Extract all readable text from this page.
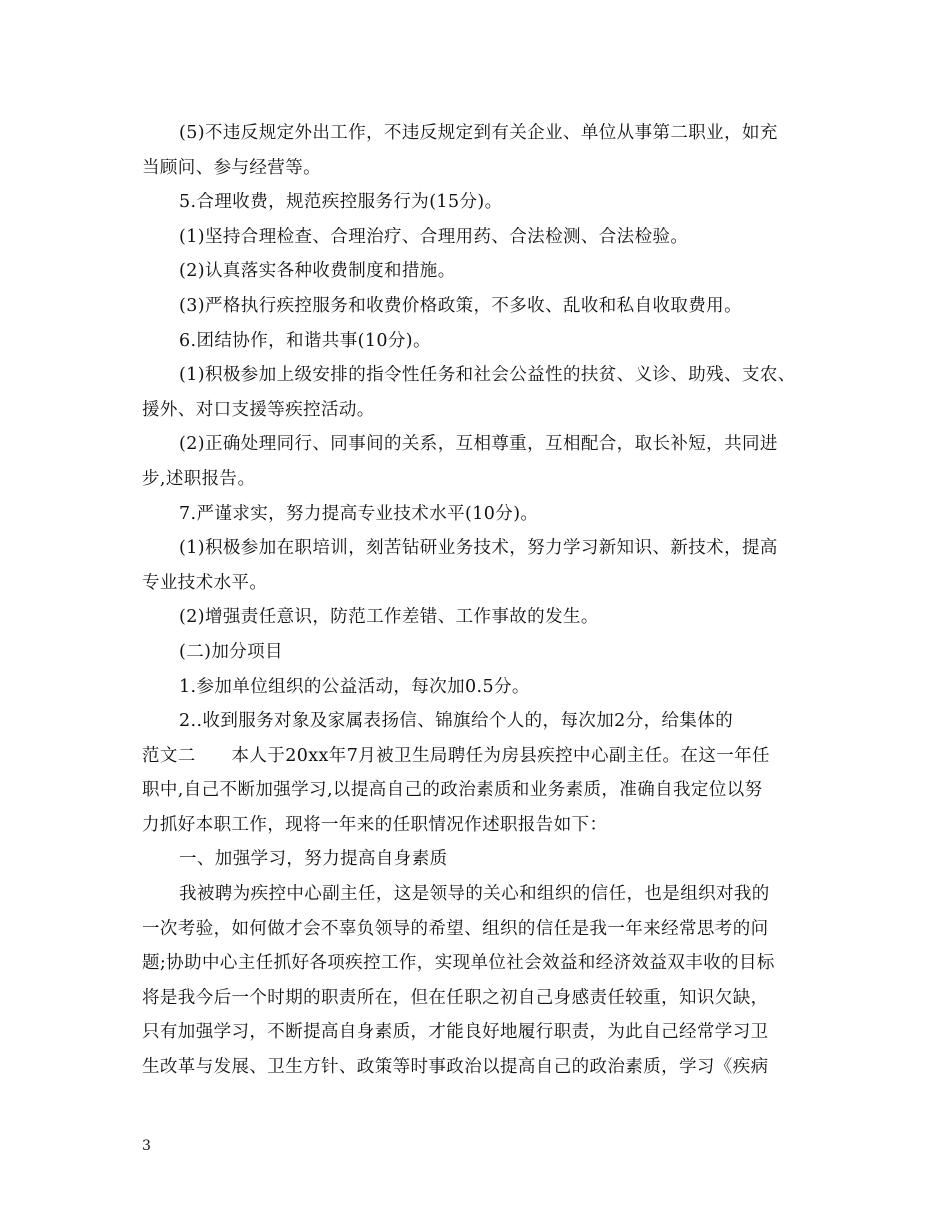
(5)不违反规定外出工作，不违反规定到有关企业、单位从事第二职业，如充
当顾问、参与经营等。
5.合理收费，规范疾控服务行为(15分)。
(1)坚持合理检查、合理治疗、合理用药、合法检测、合法检验。
(2)认真落实各种收费制度和措施。
(3)严格执行疾控服务和收费价格政策，不多收、乱收和私自收取费用。
6.团结协作，和谐共事(10分)。
(1)积极参加上级安排的指令性任务和社会公益性的扶贫、义诊、助残、支农、
援外、对口支援等疾控活动。
(2)正确处理同行、同事间的关系，互相尊重，互相配合，取长补短，共同进
步,述职报告。
7.严谨求实，努力提高专业技术水平(10分)。
(1)积极参加在职培训，刻苦钻研业务技术，努力学习新知识、新技术，提高
专业技术水平。
(2)增强责任意识，防范工作差错、工作事故的发生。
(二)加分项目
1.参加单位组织的公益活动，每次加0.5分。
2..收到服务对象及家属表扬信、锦旗给个人的，每次加2分，给集体的
范文二　　本人于20xx年7月被卫生局聘任为房县疾控中心副主任。在这一年任
职中,自己不断加强学习,以提高自己的政治素质和业务素质，准确自我定位以努
力抓好本职工作，现将一年来的任职情况作述职报告如下：
一、加强学习，努力提高自身素质
我被聘为疾控中心副主任，这是领导的关心和组织的信任，也是组织对我的
一次考验，如何做才会不辜负领导的希望、组织的信任是我一年来经常思考的问
题;协助中心主任抓好各项疾控工作，实现单位社会效益和经济效益双丰收的目标
将是我今后一个时期的职责所在，但在任职之初自己身感责任较重，知识欠缺，
只有加强学习，不断提高自身素质，才能良好地履行职责，为此自己经常学习卫
生改革与发展、卫生方针、政策等时事政治以提高自己的政治素质，学习《疾病
3
